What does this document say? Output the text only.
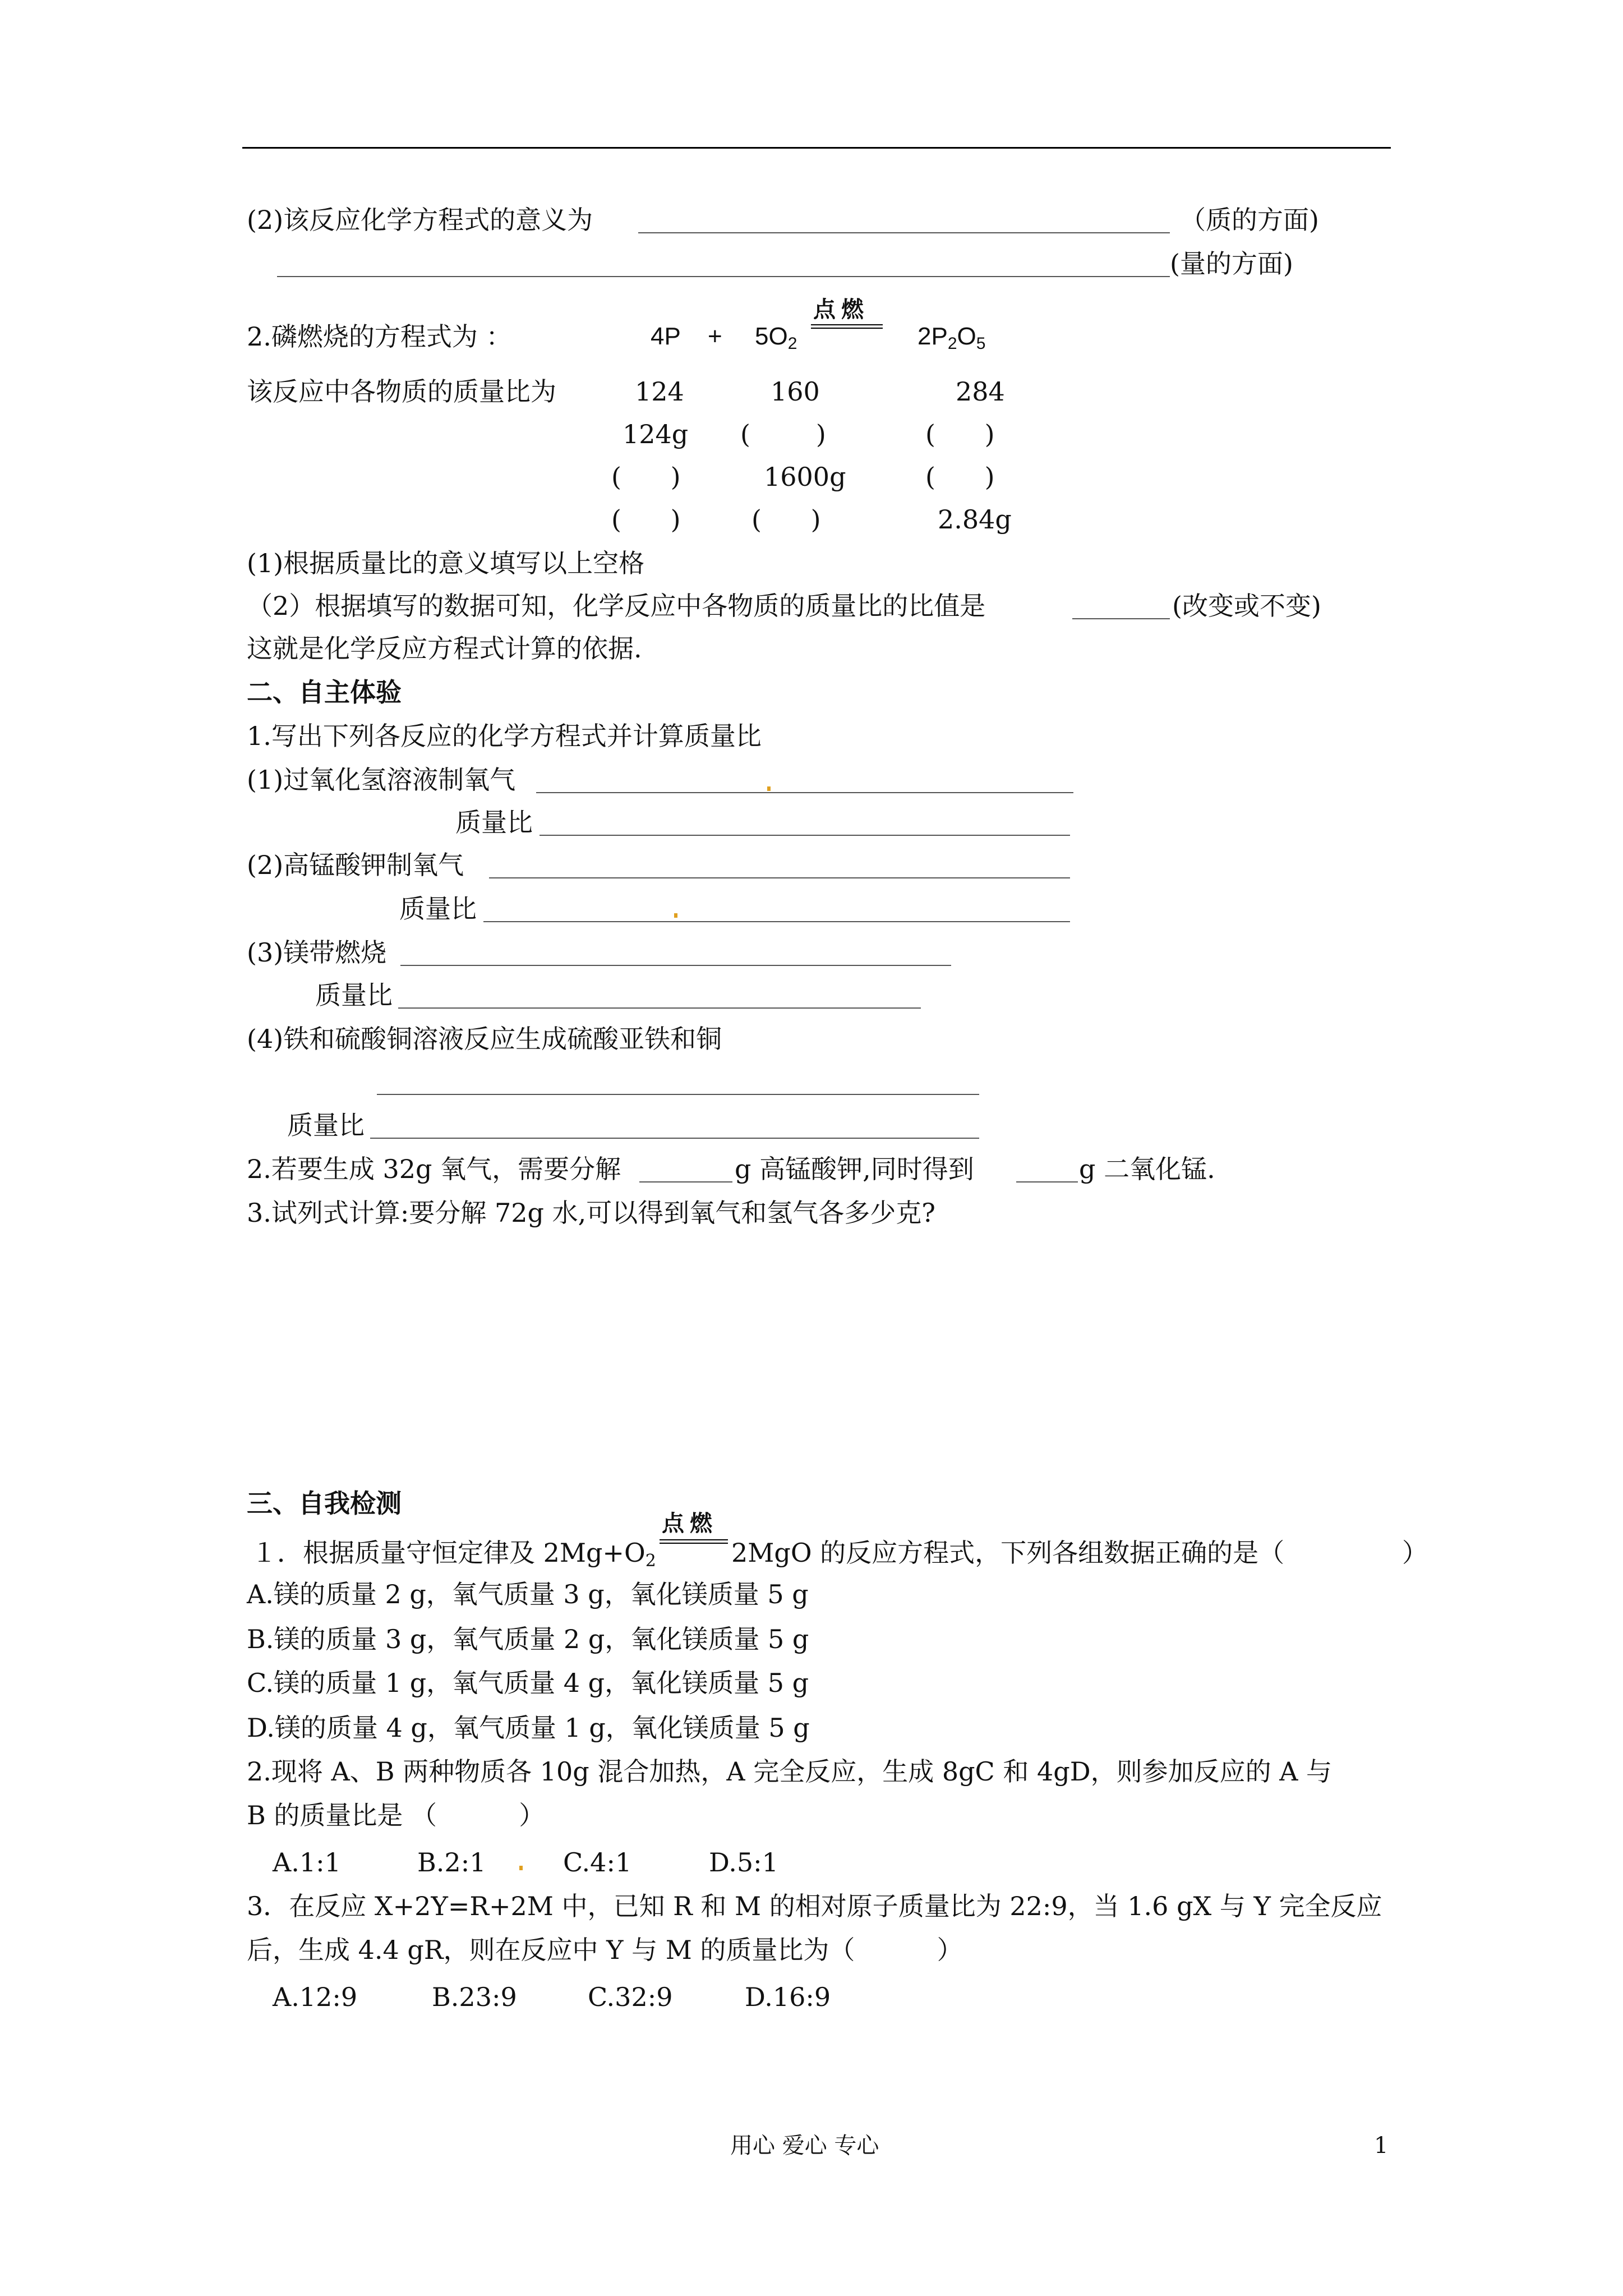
(2)该反应化学方程式的意义为	（质的方面)
(量的方面)
2.磷燃烧的方程式为 ：	$4P + 5O_2$
点燃
$2P_2O_5$
该反应中各物质的质量比为	124	160	284
124g (        )	(      )
(      )	1600g	(      )
(      )	(      )	2.84g
(1)根据质量比的意义填写以上空格
（2）根据填写的数据可知，化学反应中各物质的质量比的比值是	(改变或不变)
这就是化学反应方程式计算的依据.
二、自主体验
1.写出下列各反应的化学方程式并计算质量比
(1)过氧化氢溶液制氧气
质量比
(2)高锰酸钾制氧气
质量比
(3)镁带燃烧
质量比
(4)铁和硫酸铜溶液反应生成硫酸亚铁和铜
质量比
2.若要生成 32g 氧气，需要分解	g 高锰酸钾,同时得到	g 二氧化锰.
3.试列式计算:要分解 72g 水,可以得到氧气和氢气各多少克?
三、自我检测
１．根据质量守恒定律及 $2Mg+O_2$
点燃
2MgO 的反应方程式，下列各组数据正确的是（	）
A.镁的质量 2 g，氧气质量 3 g，氧化镁质量 5 g
B.镁的质量 3 g，氧气质量 2 g，氧化镁质量 5 g
C.镁的质量 1 g，氧气质量 4 g，氧化镁质量 5 g
D.镁的质量 4 g，氧气质量 1 g，氧化镁质量 5 g
2.现将 A、B 两种物质各 10g 混合加热，A 完全反应，生成 8gC 和 4gD，则参加反应的 A 与
B 的质量比是 （          ）
A.1:1	B.2:1	C.4:1	D.5:1
3．在反应 X+2Y=R+2M 中，已知 R 和 M 的相对原子质量比为 22:9，当 1.6 gX 与 Y 完全反应
后，生成 4.4 gR，则在反应中 Y 与 M 的质量比为（          ）
A.12:9	B.23:9	C.32:9	D.16:9
用心 爱心 专心	1
